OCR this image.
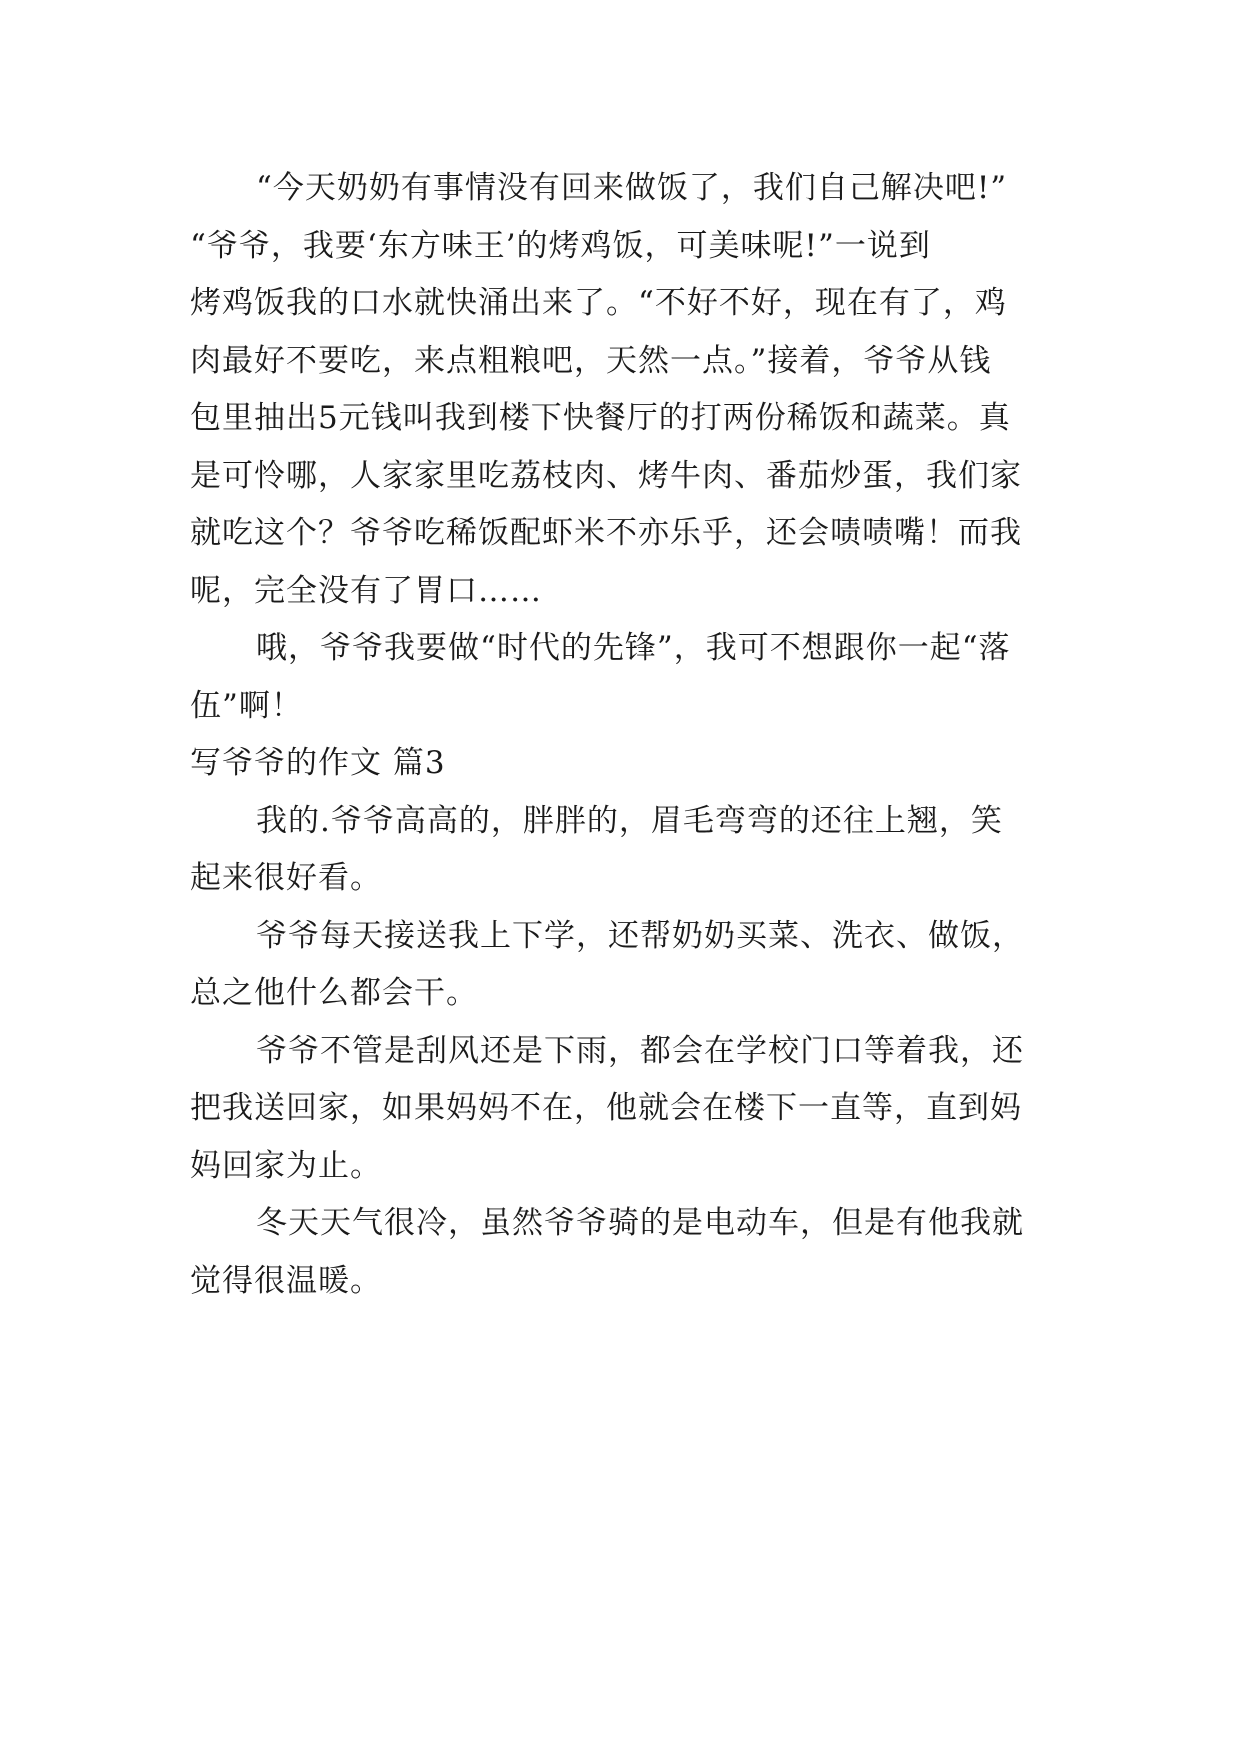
“今天奶奶有事情没有回来做饭了，我们自己解决吧!”
“爷爷，我要‘东方味王’的烤鸡饭，可美味呢!”一说到
烤鸡饭我的口水就快涌出来了。“不好不好，现在有了，鸡
肉最好不要吃，来点粗粮吧，天然一点。”接着，爷爷从钱
包里抽出5元钱叫我到楼下快餐厅的打两份稀饭和蔬菜。真
是可怜哪，人家家里吃荔枝肉、烤牛肉、番茄炒蛋，我们家
就吃这个？爷爷吃稀饭配虾米不亦乐乎，还会啧啧嘴！而我
呢，完全没有了胃口……
哦，爷爷我要做“时代的先锋”，我可不想跟你一起“落
伍”啊！
写爷爷的作文 篇3
我的.爷爷高高的，胖胖的，眉毛弯弯的还往上翘，笑
起来很好看。
爷爷每天接送我上下学，还帮奶奶买菜、洗衣、做饭，
总之他什么都会干。
爷爷不管是刮风还是下雨，都会在学校门口等着我，还
把我送回家，如果妈妈不在，他就会在楼下一直等，直到妈
妈回家为止。
冬天天气很冷，虽然爷爷骑的是电动车，但是有他我就
觉得很温暖。
